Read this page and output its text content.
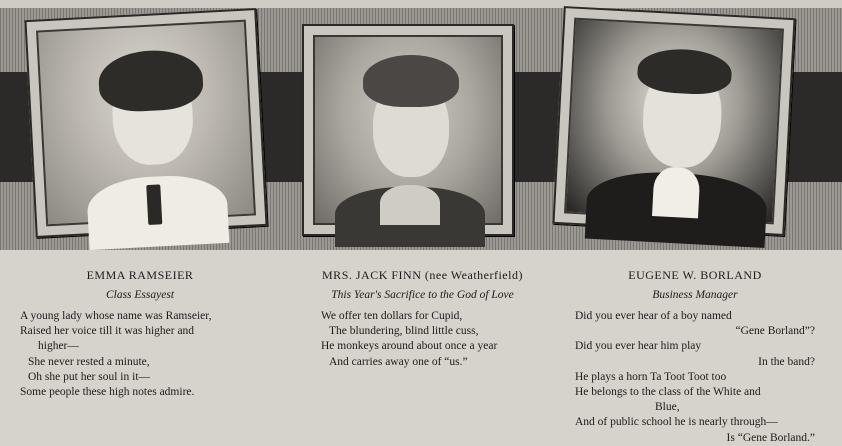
EMMA RAMSEIER
Class Essayest
A young lady whose name was Ramseier,
Raised her voice till it was higher and
higher—
She never rested a minute,
Oh she put her soul in it—
Some people these high notes admire.
MRS. JACK FINN (nee Weatherfield)
This Year's Sacrifice to the God of Love
We offer ten dollars for Cupid,
The blundering, blind little cuss,
He monkeys around about once a year
And carries away one of “us.”
EUGENE W. BORLAND
Business Manager
Did you ever hear of a boy named
“Gene Borland”?
Did you ever hear him play
In the band?
He plays a horn Ta Toot Toot too
He belongs to the class of the White and
Blue,
And of public school he is nearly through—
Is “Gene Borland.”
